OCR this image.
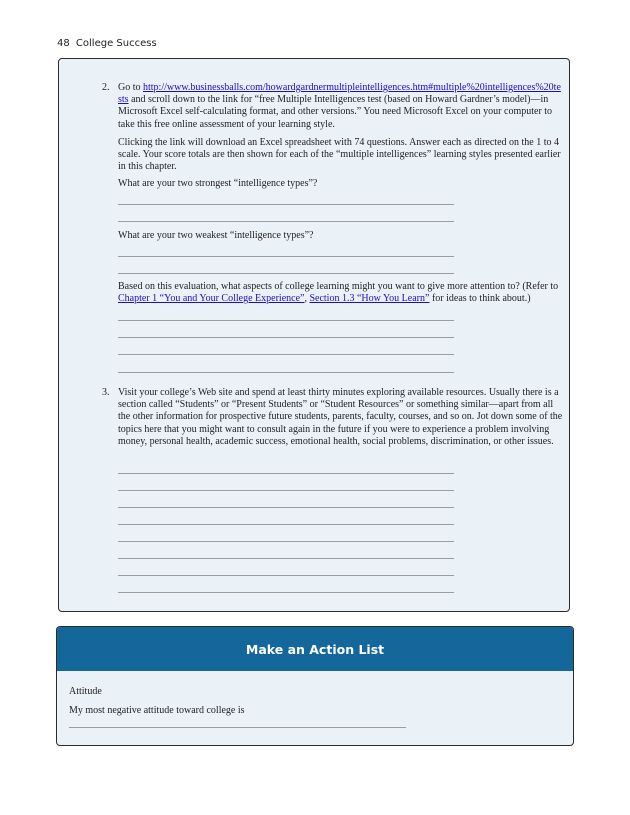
48 College Success
2. Go to http://www.businessballs.com/howardgardnermultipleintelligences.htm#multiple%20intelligences%20tests and scroll down to the link for “free Multiple Intelligences test (based on Howard Gardner’s model)—in Microsoft Excel self-calculating format, and other versions.” You need Microsoft Excel on your computer to take this free online assessment of your learning style.

Clicking the link will download an Excel spreadsheet with 74 questions. Answer each as directed on the 1 to 4 scale. Your score totals are then shown for each of the “multiple intelligences” learning styles presented earlier in this chapter.

What are your two strongest “intelligence types”?

What are your two weakest “intelligence types”?

Based on this evaluation, what aspects of college learning might you want to give more attention to? (Refer to Chapter 1 “You and Your College Experience”, Section 1.3 “How You Learn” for ideas to think about.)

3. Visit your college’s Web site and spend at least thirty minutes exploring available resources. Usually there is a section called “Students” or “Present Students” or “Student Resources” or something similar—apart from all the other information for prospective future students, parents, faculty, courses, and so on. Jot down some of the topics here that you might want to consult again in the future if you were to experience a problem involving money, personal health, academic success, emotional health, social problems, discrimination, or other issues.

Make an Action List
Attitude
My most negative attitude toward college is
